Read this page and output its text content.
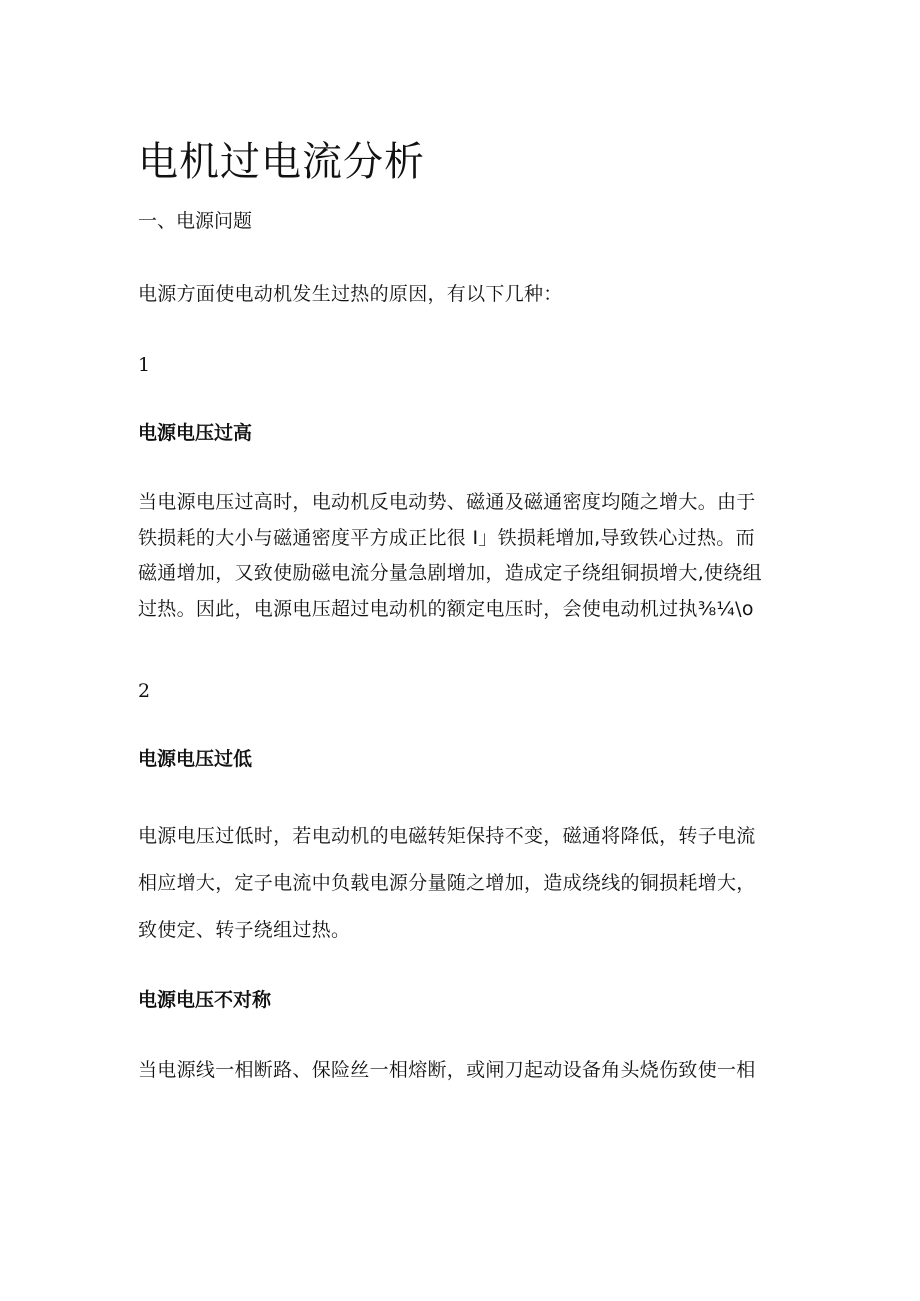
电机过电流分析
一、电源问题
电源方面使电动机发生过热的原因，有以下几种：
1
电源电压过高
当电源电压过高时，电动机反电动势、磁通及磁通密度均随之增大。由于
铁损耗的大小与磁通密度平方成正比很 I」铁损耗增加,导致铁心过热。而
磁通增加，又致使励磁电流分量急剧增加，造成定子绕组铜损增大,使绕组
过热。因此，电源电压超过电动机的额定电压时，会使电动机过执⅜¼\o
2
电源电压过低
电源电压过低时，若电动机的电磁转矩保持不变，磁通将降低，转子电流
相应增大，定子电流中负载电源分量随之增加，造成绕线的铜损耗增大，
致使定、转子绕组过热。
电源电压不对称
当电源线一相断路、保险丝一相熔断，或闸刀起动设备角头烧伤致使一相
